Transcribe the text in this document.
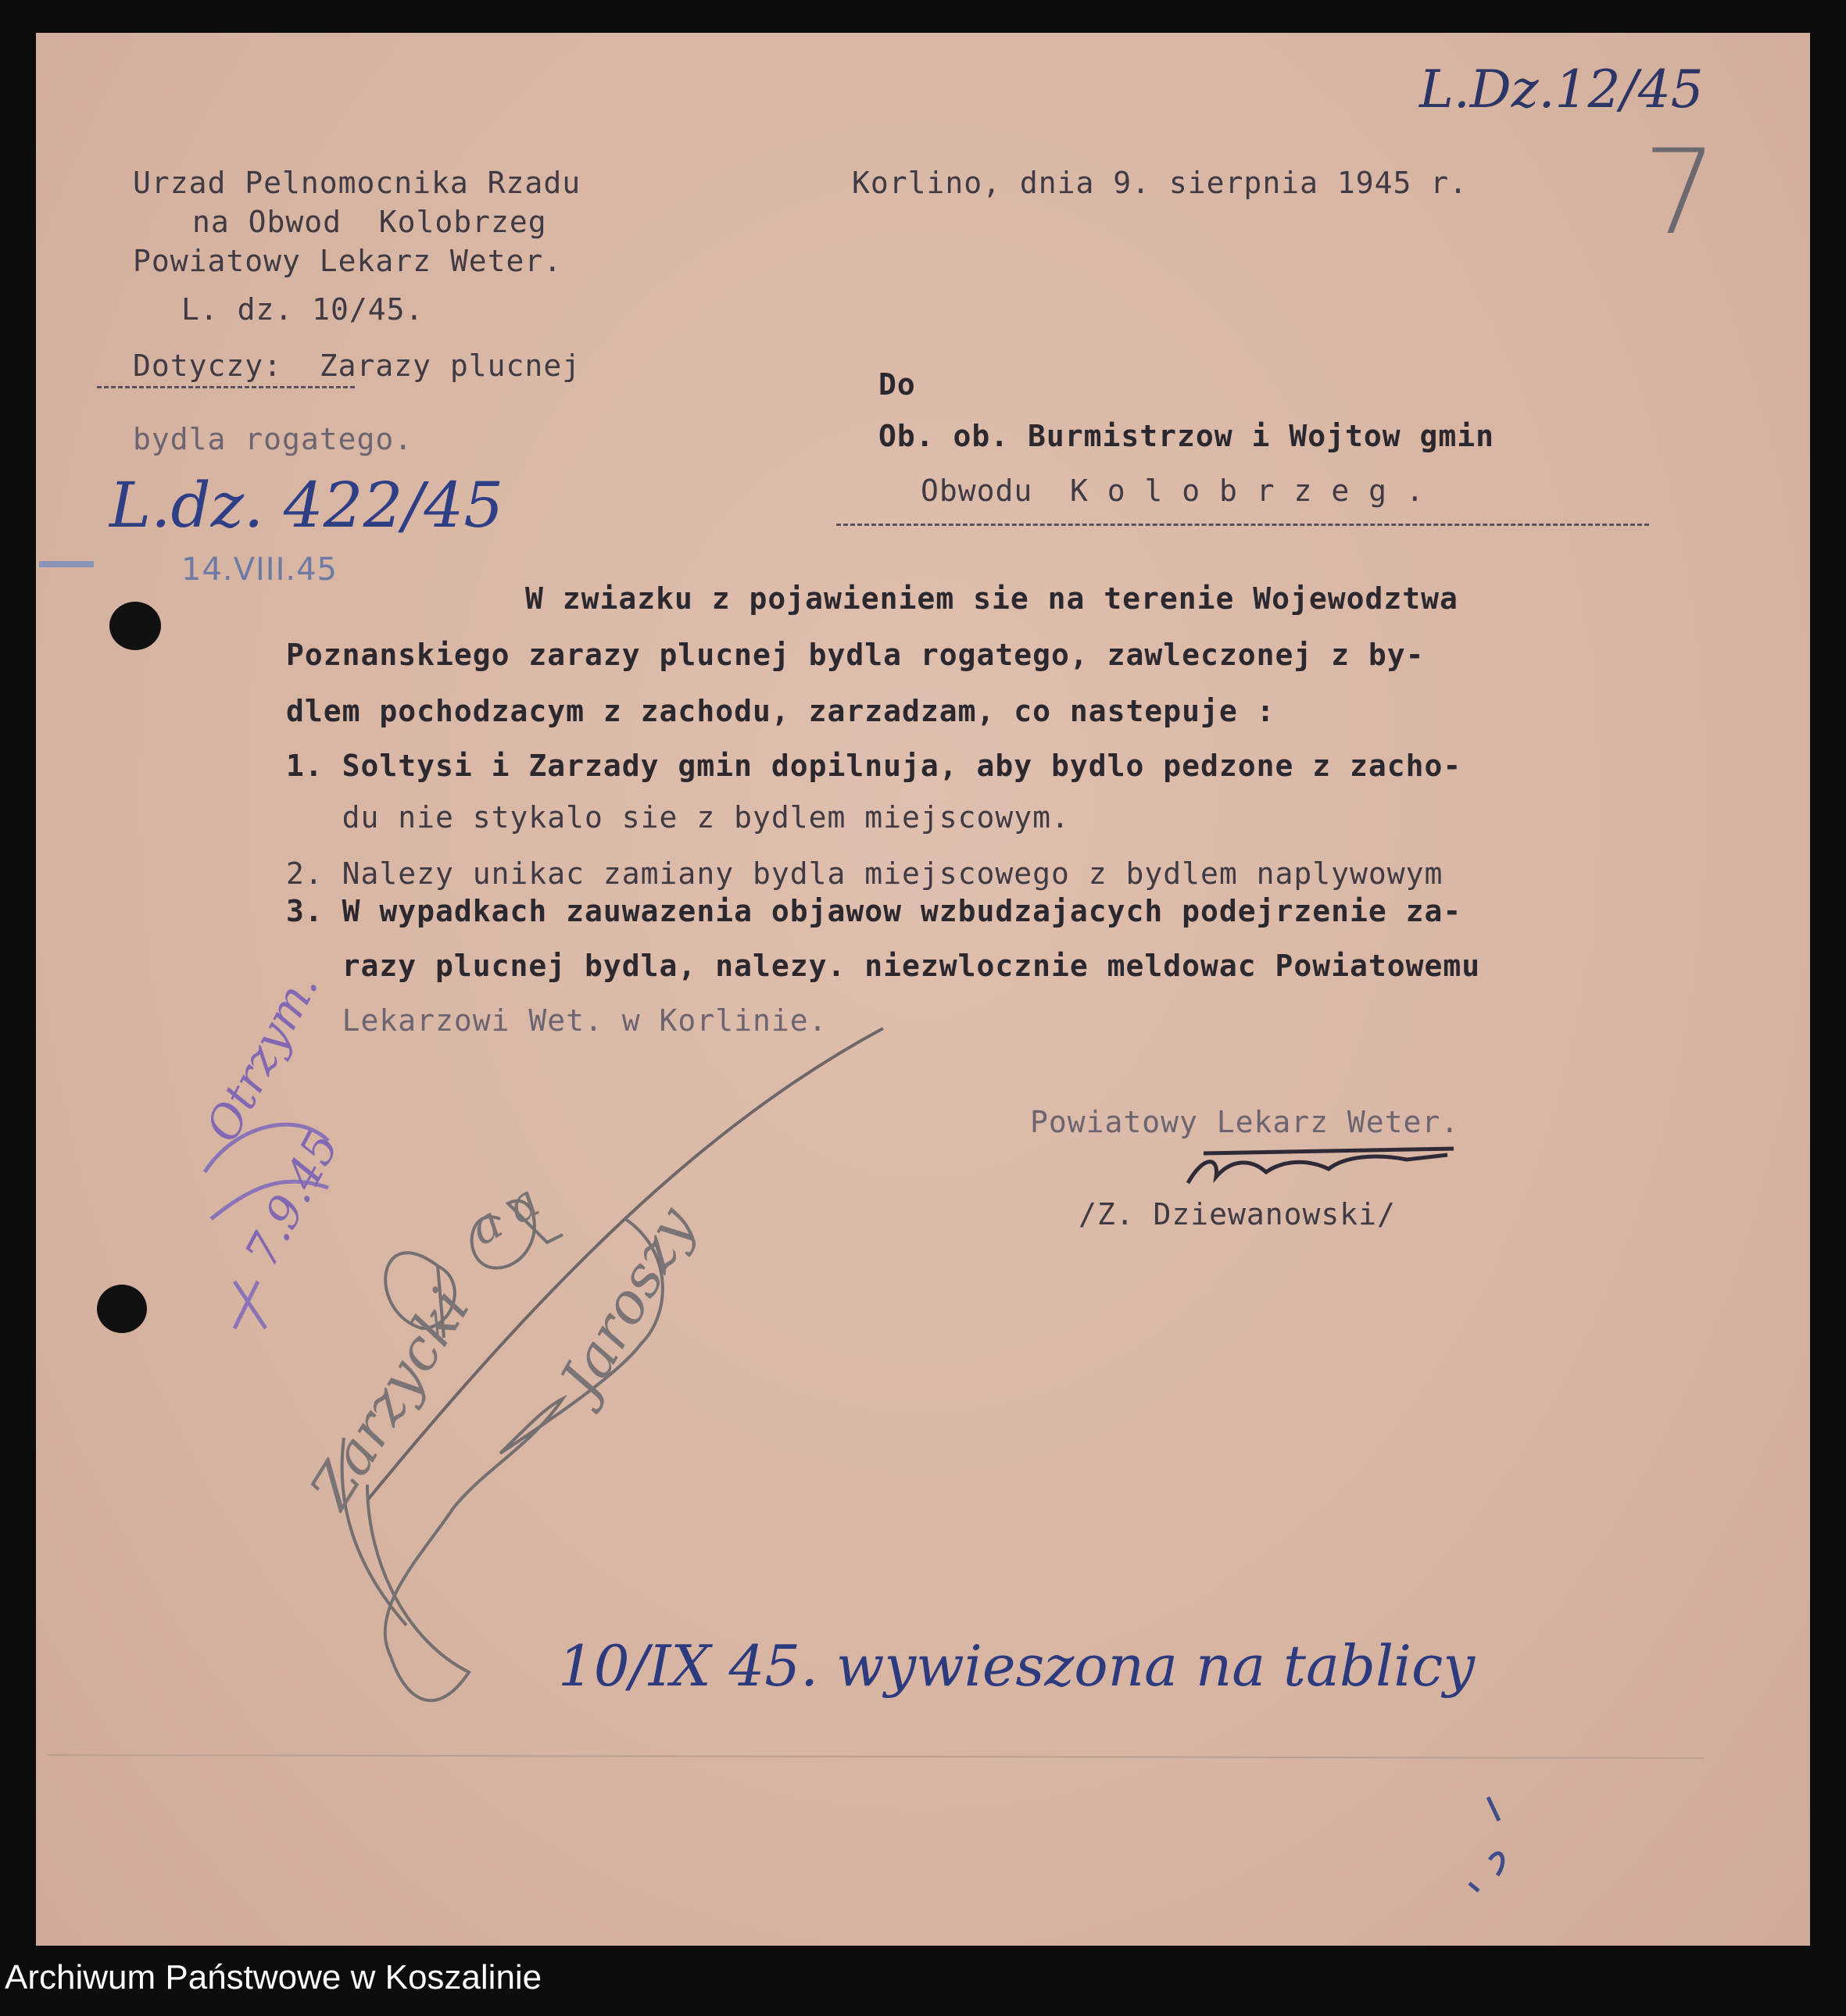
L.Dz.12/45
7
Urzad Pelnomocnika Rzadu
na Obwod  Kolobrzeg
Powiatowy Lekarz Weter.
L. dz. 10/45.
Dotyczy:  Zarazy plucnej
bydla rogatego.
Korlino, dnia 9. sierpnia 1945 r.
L.dz. 422/45
14.VIII.45
Do
Ob. ob. Burmistrzow i Wojtow gmin
Obwodu  K o l o b r z e g .
W zwiazku z pojawieniem sie na terenie Wojewodztwa
Poznanskiego zarazy plucnej bydla rogatego, zawleczonej z by-
dlem pochodzacym z zachodu, zarzadzam, co nastepuje :
1. Soltysi i Zarzady gmin dopilnuja, aby bydlo pedzone z zacho-
du nie stykalo sie z bydlem miejscowym.
2. Nalezy unikac zamiany bydla miejscowego z bydlem naplywowym
3. W wypadkach zauwazenia objawow wzbudzajacych podejrzenie za-
razy plucnej bydla, nalezy. niezwlocznie meldowac Powiatowemu
Lekarzowi Wet. w Korlinie.
Powiatowy Lekarz Weter.
/Z. Dziewanowski/
Otrzym.
7.9.45 a a
Zarzycki Jaroszy
10/IX 45. wywieszona na tablicy
Archiwum Państwowe w Koszalinie
